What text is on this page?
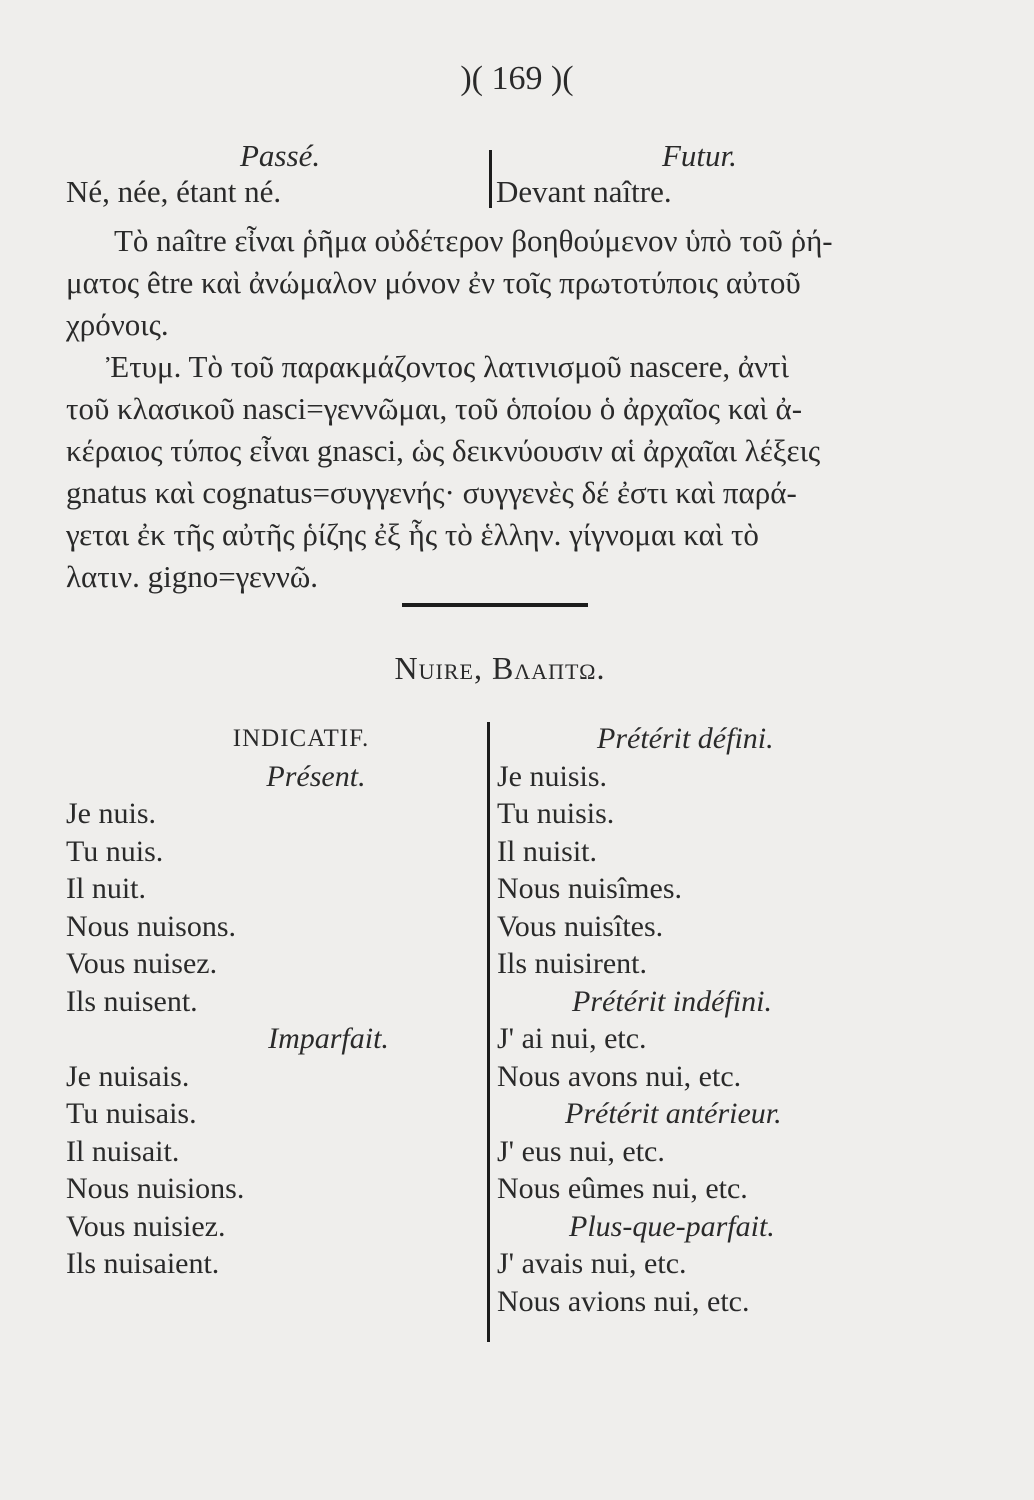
)( 169 )(
Passé.
Né, née, étant né.
Futur.
Devant naître.
Τὸ naître εἶναι ῥῆμα οὐδέτερον βοηθούμενον ὑπὸ τοῦ ῥή-
ματος être καὶ ἀνώμαλον μόνον ἐν τοῖς πρωτοτύποις αὐτοῦ
χρόνοις.
Ἐτυμ. Τὸ τοῦ παρακμάζοντος λατινισμοῦ nascere, ἀντὶ
τοῦ κλασικοῦ nasci=γεννῶμαι, τοῦ ὁποίου ὁ ἀρχαῖος καὶ ἀ-
κέραιος τύπος εἶναι gnasci, ὡς δεικνύουσιν αἱ ἀρχαῖαι λέξεις
gnatus καὶ cognatus=συγγενής· συγγενὲς δέ ἐστι καὶ παρά-
γεται ἐκ τῆς αὐτῆς ῥίζης ἐξ ἧς τὸ ἑλλην. γίγνομαι καὶ τὸ
λατιν. gigno=γεννῶ.
Nuire, Βλαπτω.
INDICATIF.
Présent.
Je nuis.
Tu nuis.
Il nuit.
Nous nuisons.
Vous nuisez.
Ils nuisent.
Imparfait.
Je nuisais.
Tu nuisais.
Il nuisait.
Nous nuisions.
Vous nuisiez.
Ils nuisaient.
Prétérit défini.
Je nuisis.
Tu nuisis.
Il nuisit.
Nous nuisîmes.
Vous nuisîtes.
Ils nuisirent.
Prétérit indéfini.
J' ai nui, etc.
Nous avons nui, etc.
Prétérit antérieur.
J' eus nui, etc.
Nous eûmes nui, etc.
Plus-que-parfait.
J' avais nui, etc.
Nous avions nui, etc.
